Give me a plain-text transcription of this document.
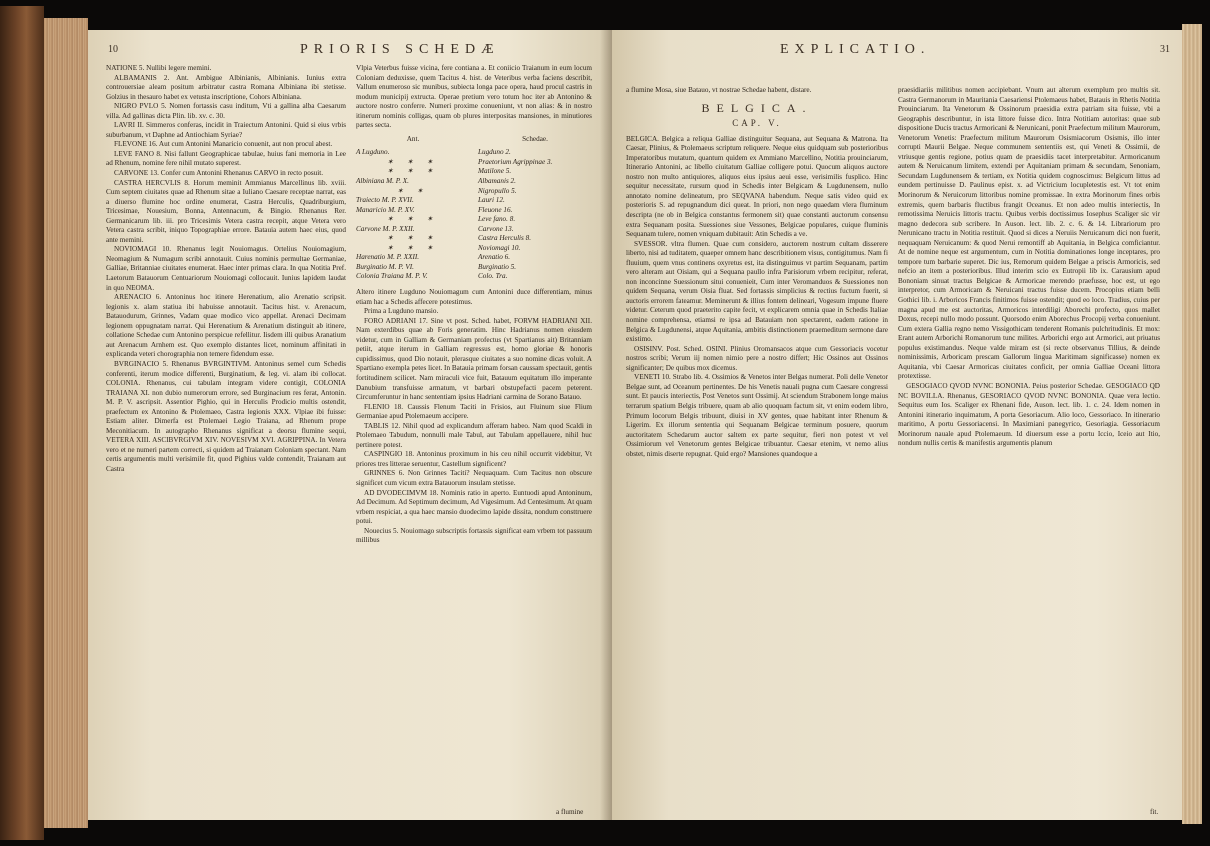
10	PRIORIS SCHEDÆ

NATIONE 5. Nullibi legere memini.

ALBAMANIS 2. Ant. Ambigue Albinianis, Albinianis. Iunius extra controuersiae aleam positum arbitratur castra Romana Albiniana ibi stetisse. Golzius in thesauro habet ex vetusta inscriptione, Cohors Albiniana.

NIGRO PVLO 5. Nomen fortassis casu inditum, Vti a gallina alba Caesarum villa. Ad gallinas dicta Plin. lib. xv. c. 30.

LAVRI II. Simmeros conferas, incidit in Traiectum Antonini. Quid si eius vrbis suburbanum, vt Daphne ad Antiochiam Syriae?

FLEVONE 16. Aut cum Antonini Manaricio conuenit, aut non procul abest.

LEVE FANO 8. Nisi fallunt Geographicae tabulae, huius fani memoria in Lee ad Rhenum, nomine fere nihil mutato superest.

CARVONE 13. Confer cum Antonini Rhenanus CARVO in recto posuit.

CASTRA HERCVLIS 8. Horum meminit Ammianus Marcellinus lib. xviii. Cum septem ciuitates quae ad Rhenum sitae a Iuliano Caesare receptae narrat, eas a diuerso flumine hoc ordine enumerat, Castra Herculis, Quadriburgium, Tricesimae, Nouesium, Bonna, Antennacum, & Bingio. Rhenanus Rer. Germanicarum lib. iii. pro Tricesimis Vetera castra recepit, atque Vetera vero Vetera castra scribit, iniquo Topographiae errore. Batauia autem haec eius, quod ante memini.

NOVIOMAGI 10. Rhenanus legit Nouiomagus. Ortelius Nouiomagium, Neomagium & Numagum scribi annotauit. Cuius nominis permultae Germaniae, Galliae, Britanniae ciuitates enumerat. Haec inter primas clara. In qua Notitia Pref. Laetorum Batauorum Centuariorum Nouiomagi collocauit. Iunius lapidem laudat in quo NEOMA.

ARENACIO 6. Antoninus hoc itinere Herenatium, alio Arenatio scripsit. legionis x. alam statiua ibi habuisse annotauit. Tacitus hist. v. Arenacum, Batauodurum, Grinnes, Vadam quae modico vico appellat. Arenaci Decimam legionem oppugnatam narrat. Qui Herenatium & Arenatium distinguit ab itinere, collatione Schedae cum Antonino perspicue refellitur. Iisdem illi quibus Aranatium aut Arenacum Arnhem est. Quo exemplo distantes licet, nominum affinitati in explicanda veteri chorographia non temere fidendum esse.

BVRGINACIO 5. Rhenanus BVRGINTIVM. Antoninus semel cum Schedis conferenti, iterum modice differenti, Burginatium, & leg. vi. alam ibi collocat. COLONIA. Rhenanus, cui tabulam integram videre contigit, COLONIA TRAIANA XI. non dubio numerorum errore, sed Burginacium res ferat, Antonin. M. P. V. ascripsit. Assentior Pighio, qui in Herculis Prodicio multis ostendit, praefectum ex Antonino & Ptolemaeo, Castra legionis XXX. Vlpiae ibi fuisse: Estiam aliter. Dimerfa est Ptolemaei Legio Traiana, ad Rhenum prope Meconitiacum. In autographo Rhenanus significat a deorsu flumine sequi, VETERA XIII. ASCIBVRGIVM XIV. NOVESIVM XVI. AGRIPPINA. In Vetera vero et ne numeri partem correcti, si quidem ad Traianam Coloniam spectant. Nam certis argumentis multi verisimile fit, quod Pighius valde contendit, Traianam aut Castra

Vlpia Veterbus fuisse vicina, fere contiana a. Et coniicio Traianum in eum locum Coloniam deduxisse, quem Tacitus 4. hist. de Veteribus verba faciens describit, Vallum enumeroso sic munibus, subiecta longa pace opera, haud procul castris in modum municipij extructa. Operae pretium vero totum hoc iter ab Antonino & auctore nostro conferre. Numeri proxime conueniunt, vt non alias: & in nostro itinerum nominis colligas, quam ob plures interpositas mansiones, in minutiores partes secta.

Ant.
A Lugduno.
✶ ✶ ✶
✶ ✶ ✶
Albiniana M. P. X.
✶ ✶
Traiecto M. P. XVII.
Manaricio M. P. XV.
✶ ✶ ✶
Carvone M. P. XXII.
✶ ✶ ✶
✶ ✶ ✶
Harenatio M. P. XXII.
Burginatio M. P. VI.
Colonia Traiana M. P. V.
Schedae.
Lugduno 2.
Praetorium Agrippinae 3.
Matilone 5.
Albamanis 2.
Nigropullo 5.
Lauri 12.
Fleuone 16.
Leve fano. 8.
Carvone 13.
Castra Herculis 8.
Noviomagi 10.
Arenatio 6.
Burginatio 5.
Colo. Tra.

Altero itinere Lugduno Nouiomagum cum Antonini duce differentiam, minus etiam hac a Schedis affecere potestimus.

Prima a Lugduno mansio.

FORO ADRIANI 17. Sine vt post. Sched. habet, FORVM HADRIANI XII. Nam exterdibus quae ab Foris generatim. Hinc Hadrianus nomen eiusdem videtur, cum in Galliam & Germaniam profectus (vt Spartianus ait) Britanniam petiit, atque iterum in Galliam regressus est, homo gloriae & honoris cupidissimus, quod Dio notauit, plerasque ciuitates a suo nomine dicas voluit. A Spartiano exempla petes licet. In Batauia primam forsan caussam spectauit, gentis fortitudinem scilicet. Nam miraculi vice fuit, Batauum equitatum illo imperante Danubium transfuisse armatum, vt barbari obstupefacti pacem peterent. Circumferuntur in hanc sententiam ipsius Hadriani carmina de Sorano Batauo.

FLENIO 18. Caussis Flenum Taciti in Frisios, aut Fluinum siue Flium Germaniae apud Ptolemaeum accipere.

TABLIS 12. Nihil quod ad explicandum afferam habeo. Nam quod Scaldi in Ptolemaeo Tabudum, nonnulli male Tabul, aut Tabulam appellauere, nihil huc pertinere potest.

CASPINGIO 18. Antoninus proximum in his ceu nihil occurrit videbitur, Vt priores tres litterae seruentur, Castellum significent?

GRINNES 6. Non Grinnes Taciti? Nequaquam. Cum Tacitus non obscure significet cum vicum extra Batauorum insulam stetisse.

AD DVODECIMVM 18. Nominis ratio in aperto. Euntuodi apud Antoninum, Ad Decimum. Ad Septimum decimum, Ad Vigesimum. Ad Centesimum. At quam vrbem respiciat, a qua haec mansio duodecimo lapide dissita, nondum consttruere potui.

Nouecius 5. Nouiomago subscriptis fortassis significat eam vrbem tot passuum millibus

a flumine
EXPLICATIO.	31

a flumine Mosa, siue Batauo, vt nostrae Schedae habent, distare.

BELGICA.
CAP. V.

BELGICA. Belgica a reliqua Galliae distinguitur Sequana, aut Sequana & Matrona. Ita Caesar, Plinius, & Ptolemaeus scriptum reliquere. Neque eius quidquam sub posterioribus Imperatoribus mutatum, quantum quidem ex Ammiano Marcellino, Notitia prouinciarum, Itinerario Antonini, ac libello ciuitatum Galliae colligere potui. Quocum aliquos auctore nostro non multo antiquiores, aliquos eius ipsius aeui esse, verisimilis fusplico. Hinc sequitur necessitate, rursum quod in Schedis inter Belgicam & Lugdunensem, nullo annotato nomine delineatum, pro SEQVANA habendum. Neque satis video quid ex posterioris S. ad repugnandum dici queat. In priori, non nego quaedam vlera fluminum descripta (ne ob in Belgica constantus fermonem sit) quae constanti auctorum consensu extra Sequanam posita. Suessiones siue Vessones, Belgicae populares, cuique fluminis Sequanam tulere, nomen vniquam dubitauit: Atin Schedis a ve.

SVESSOR. vltra flumen. Quae cum considero, auctorem nostrum cultam disserere liberto, nisi ad tuditatem, quaeper omnem hanc describitionem visus, contigitumus. Nam fi fluuium, quem vnus continens oxyretus est, ita distinguimus vt partim Sequanam, partim vero alteram aut Oisiam, qui a Sequana paullo infra Parisiorum vrbem recipitur, referat, non inconcinne Suessionum situi conuenieit, Cum inter Veromanduos & Suessiones non quidem Sequana, verum Oisia fluat. Sed fortassis simplicius & rectius fuctum fuerit, si auctoris errorem fateamur. Meminerunt & illius fontem delineari, Vogesum impune fluere videtur. Ceterum quod praeterito capite fecit, vt explicarem omnia quae in Schedis Italiae nomine comprehensa, etiamsi re ipsa ad Batauiam non spectarent, eadem ratione in Belgica & Lugdunensi, atque Aquitania, ambitis distinctionem praemeditum sermone dare existimo.

OSISINV. Post. Sched. OSINI. Plinius Oromansacos atque cum Gessoriacis vocetur nostros scribi; Verum iij nomen nimio pere a nostro differt; Hic Ossinos aut Ossinos significanter; De quibus mox dicemus.

VENETI 10. Strabo lib. 4. Ossimios & Venetos inter Belgas numerat. Poli delle Venetor Belgae sunt, ad Oceanum pertinentes. De his Venetis nauali pugna cum Caesare congressi sunt. Et paucis interiectis, Post Venetos sunt Ossimij. At sciendum Strabonem longe maius terrarum spatium Belgis tribuere, quam ab alio quoquam factum sit, vt enim eodem libro, Primum locorum Belgis tribuunt, diuisi in XV gentes, quae habitant inter Rhenum & Ligerim. Ex illorum sententia qui Sequanam Belgicae terminum posuere, quorum auctoritatem Schedarum auctor saltem ex parte sequitur, fieri non potest vt vel Ossimiorum vel Venetorum gentes Belgicae tribuantur. Caesar etenim, vt nemo alius obstet, nimis diserte repugnat. Quid ergo? Mansiones quandoque a

praesidiariis militibus nomen accipiebant. Vnum aut alterum exemplum pro multis sit. Castra Germanorum in Mauritania Caesariensi Ptolemaeus habet, Batauis in Rhetis Notitia Prouinciarum. Ita Venetorum & Ossinorum praesidia extra patriam sita fuisse, vbi a Geographis describuntur, in ista littore fuisse dico. Intra Notitiam autoritas: quae sub dispositione Ducis tractus Armoricani & Nerunicani, ponit Praefectum militum Maurorum, Venetorum Venetis: Praefectum militum Maurorum Osismiacorum Osismis, illo inter corrupti Maurii Belgae. Neque communem sententiis est, qui Veneti & Ossimii, de vtriusque gentis regione, potius quam de praesidiis tacet interpretabitur. Armoricanum autem & Neruicanum limitem, extendi per Aquitaniam primam & secundam, Senoniam, Secundam Lugdunensem & tertiam, ex Notitia quidem cognoscimus: Belgicum littus ad eundem pertinuisse D. Paulinus epist. x. ad Victricium locupletestis est. Vt tot enim Morinorum & Neruicorum littoribus nomine promissae. In extra Morinorum fines orbis extremis, quem barbaris fluctibus frangit Oceanus. Et non adeo multis interiectis, In remotissima Neruicis littoris tractu. Quibus verbis doctissimus Iosephus Scaliger sic vir magno dedecora sub scribere. In Auson. lect. lib. 2. c. 6. & 14. Librariorum pro Nerunicano tractu in Notitia restituit. Quod si dices a Neruiis Neruicanum dici non fuerit, nequaquam Neruicanum: & quod Nerui remontiff ab Aquitania, in Belgica comficiantur. At de nomine neque est argumentum, cum in Notitia dominationes longe inceptares, pro tempore tum barbarie superet. Dic ius, Remorum quidem Belgae a priscis Armoricis, sed nefcio an item a posterioribus. Illud interim scio ex Eutropii lib ix. Carausium apud Bononiam sinuat tractus Belgicae & Armoricae merendo praefusse, hoc est, ut ego interpretor, cum Armoricam & Neruicani tractus fuisse ducem. Procopius etiam belli Gothici lib. i. Arboricos Francis finitimos fuisse ostendit; quod eo loco. Tradius, cuius per magna apud me est auctoritas, Armoricos interdiligi Aborechi profecto, quos mallet Doxus, recepi nullo modo possunt. Quorsodo enim Aborechus Procopij verba conueniunt. Cum extera Gallia regno nemo Vissigothicam tenderent Romanis pulchritudinis. Et mox: Erant autem Arborichi Romanorum tunc milites. Arborichi ergo aut Armorici, aut priuatus populus existimandus. Neque valde miram est (si recte observanus Tillius, & deinde nominissimis, Arboricam prescam Gallorum lingua Maritimam significasse) nomen ex Aquitania, vbi Caesar Armoricas ciuitates conficit, per omnia Galliae Oceani littora protextisse.

GESOGIACO QVOD NVNC BONONIA. Peius posterior Schedae. GESOGIACO QD NC BOVILLA. Rhenanus, GESORIACO QVOD NVNC BONONIA. Quae vera lectio. Sequitus eum Ios. Scaliger ex Rhenani fide, Auson. lect. lib. 1. c. 24. Idem nomen in Antonini itinerario inquimatum, A porta Gesoriacum. Alio loco, Gessoriaco. In itinerario maritimo, A portu Gessoriacensi. In Maximiani panegyrico, Gesoriagia. Gessoriacum Morinorum nauale apud Ptolemaeum. Id diuersum esse a portu Iccio, Iceio aut Itio, nondum nullis certis & manifestis argumentis planum

fit.
